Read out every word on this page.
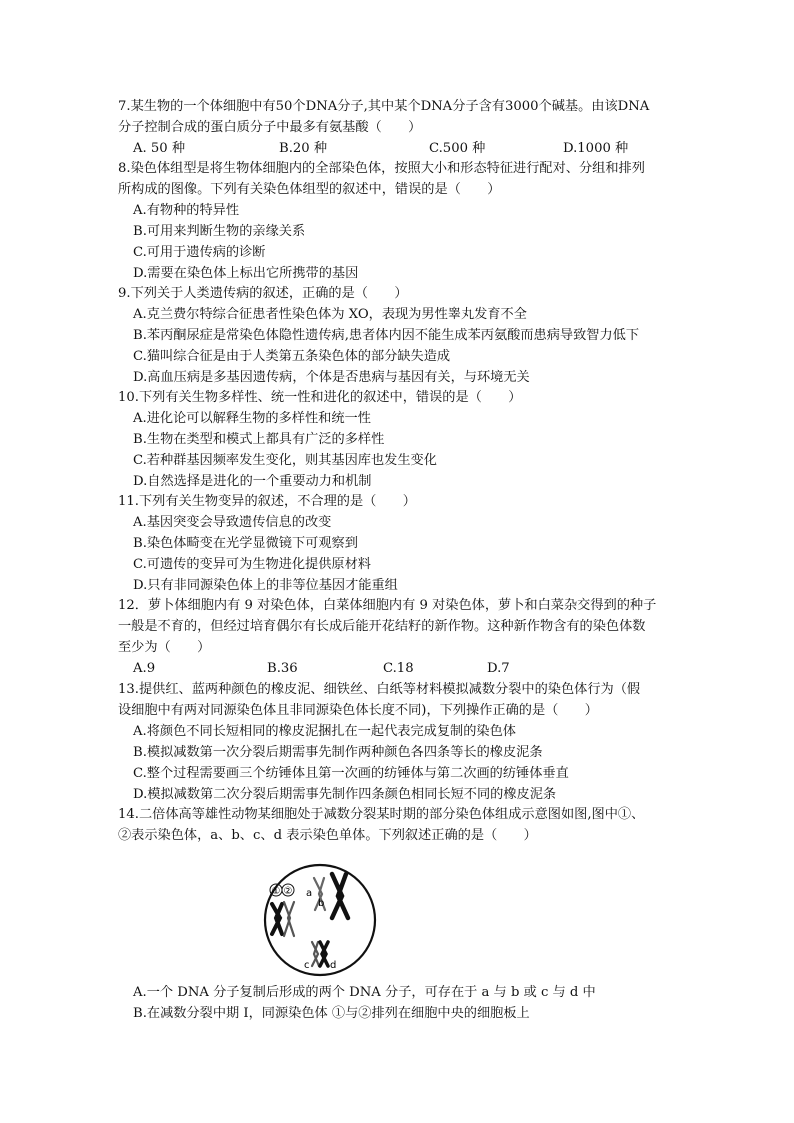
7.某生物的一个体细胞中有50个DNA分子,其中某个DNA分子含有3000个碱基。由该DNA

分子控制合成的蛋白质分子中最多有氨基酸（　　）

A. 50 种	B.20 种	C.500 种	D.1000 种

8.染色体组型是将生物体细胞内的全部染色体，按照大小和形态特征进行配对、分组和排列

所构成的图像。下列有关染色体组型的叙述中，错误的是（　　）

A.有物种的特异性

B.可用来判断生物的亲缘关系

C.可用于遗传病的诊断

D.需要在染色体上标出它所携带的基因

9.下列关于人类遗传病的叙述，正确的是（　　）

A.克兰费尔特综合征患者性染色体为 XO，表现为男性睾丸发育不全

B.苯丙酮尿症是常染色体隐性遗传病,患者体内因不能生成苯丙氨酸而患病导致智力低下

C.猫叫综合征是由于人类第五条染色体的部分缺失造成

D.高血压病是多基因遗传病，个体是否患病与基因有关，与环境无关

10.下列有关生物多样性、统一性和进化的叙述中，错误的是（　　）

A.进化论可以解释生物的多样性和统一性

B.生物在类型和模式上都具有广泛的多样性

C.若种群基因频率发生变化，则其基因库也发生变化

D.自然选择是进化的一个重要动力和机制

11.下列有关生物变异的叙述，不合理的是（　　）

A.基因突变会导致遗传信息的改变

B.染色体畸变在光学显微镜下可观察到

C.可遗传的变异可为生物进化提供原材料

D.只有非同源染色体上的非等位基因才能重组

12．萝卜体细胞内有 9 对染色体，白菜体细胞内有 9 对染色体，萝卜和白菜杂交得到的种子

一般是不育的，但经过培育偶尔有长成后能开花结籽的新作物。这种新作物含有的染色体数

至少为（　　）

A.9	B.36	C.18	D.7

13.提供红、蓝两种颜色的橡皮泥、细铁丝、白纸等材料模拟减数分裂中的染色体行为（假

设细胞中有两对同源染色体且非同源染色体长度不同)，下列操作正确的是（　　）

A.将颜色不同长短相同的橡皮泥捆扎在一起代表完成复制的染色体

B.模拟减数第一次分裂后期需事先制作两种颜色各四条等长的橡皮泥条

C.整个过程需要画三个纺锤体且第一次画的纺锤体与第二次画的纺锤体垂直

D.模拟减数第二次分裂后期需事先制作四条颜色相同长短不同的橡皮泥条

14.二倍体高等雄性动物某细胞处于减数分裂某时期的部分染色体组成示意图如图,图中①、

②表示染色体，a、b、c、d 表示染色单体。下列叙述正确的是（　　）

① ② a
b
c d

A.一个 DNA 分子复制后形成的两个 DNA 分子，可存在于 a 与 b 或 c 与 d 中

B.在减数分裂中期 I，同源染色体 ①与②排列在细胞中央的细胞板上
